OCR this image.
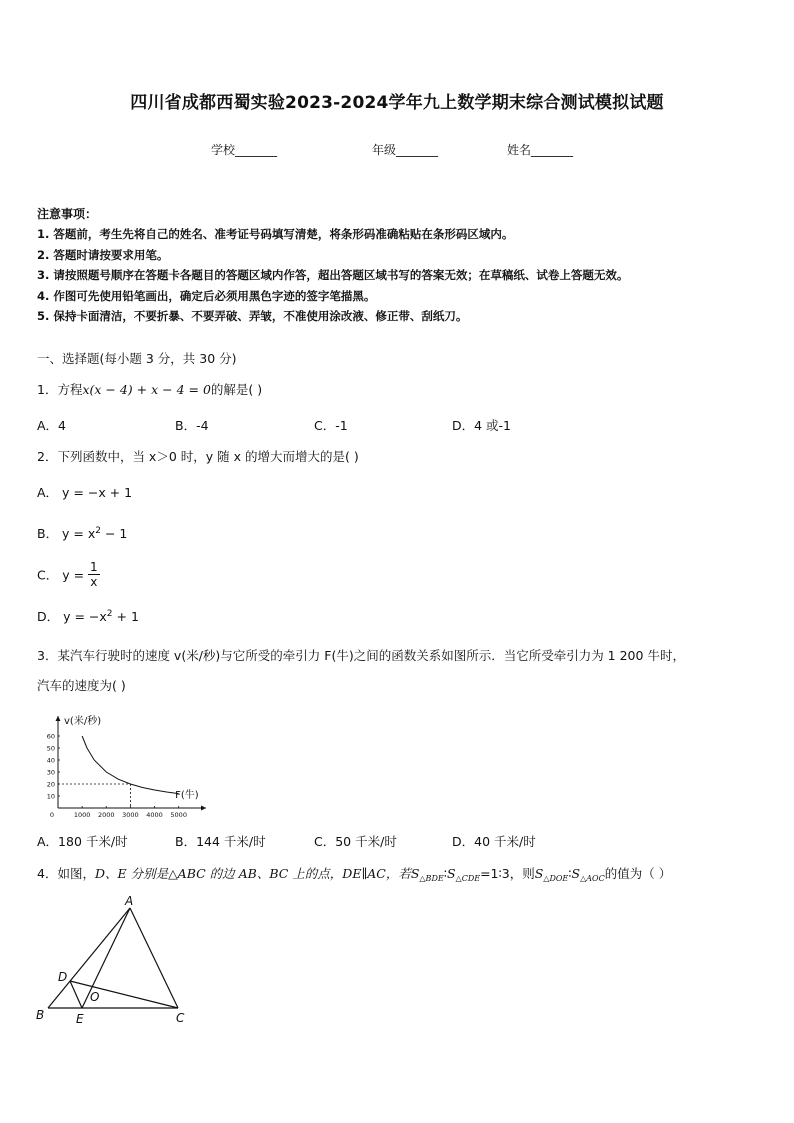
四川省成都西蜀实验2023-2024学年九上数学期末综合测试模拟试题
学校_______	年级_______	姓名_______
注意事项：
1. 答题前，考生先将自己的姓名、准考证号码填写清楚，将条形码准确粘贴在条形码区域内。
2. 答题时请按要求用笔。
3. 请按照题号顺序在答题卡各题目的答题区域内作答，超出答题区域书写的答案无效；在草稿纸、试卷上答题无效。
4. 作图可先使用铅笔画出，确定后必须用黑色字迹的签字笔描黑。
5. 保持卡面清洁，不要折暴、不要弄破、弄皱，不准使用涂改液、修正带、刮纸刀。
一、选择题(每小题 3 分，共 30 分)
1．方程x(x − 4) + x − 4 = 0的解是( )
A．4	B．-4	C．-1	D．4 或-1
2．下列函数中，当 x＞0 时，y 随 x 的增大而增大的是( )
A． y = −x + 1
B． $y = x^2 - 1$
C． $y = \frac{1}{x}$
D． $y = -x^2 + 1$
3．某汽车行驶时的速度 v(米/秒)与它所受的牵引力 F(牛)之间的函数关系如图所示．当它所受牵引力为 1 200 牛时，
汽车的速度为( )
1000 2000 3000 4000 5000
10
20
30
40
50
60
0
v(米/秒)
F(牛)
A．180 千米/时	B．144 千米/时	C．50 千米/时	D．40 千米/时
4．如图，D、E 分别是△ABC 的边 AB、BC 上的点，DE∥AC，若$S_{\triangle BDE}∶S_{\triangle CDE}=1∶3$，则$S_{\triangle DOE}∶S_{\triangle AOC}$的值为（ ）
A
B	C
D
E
O
